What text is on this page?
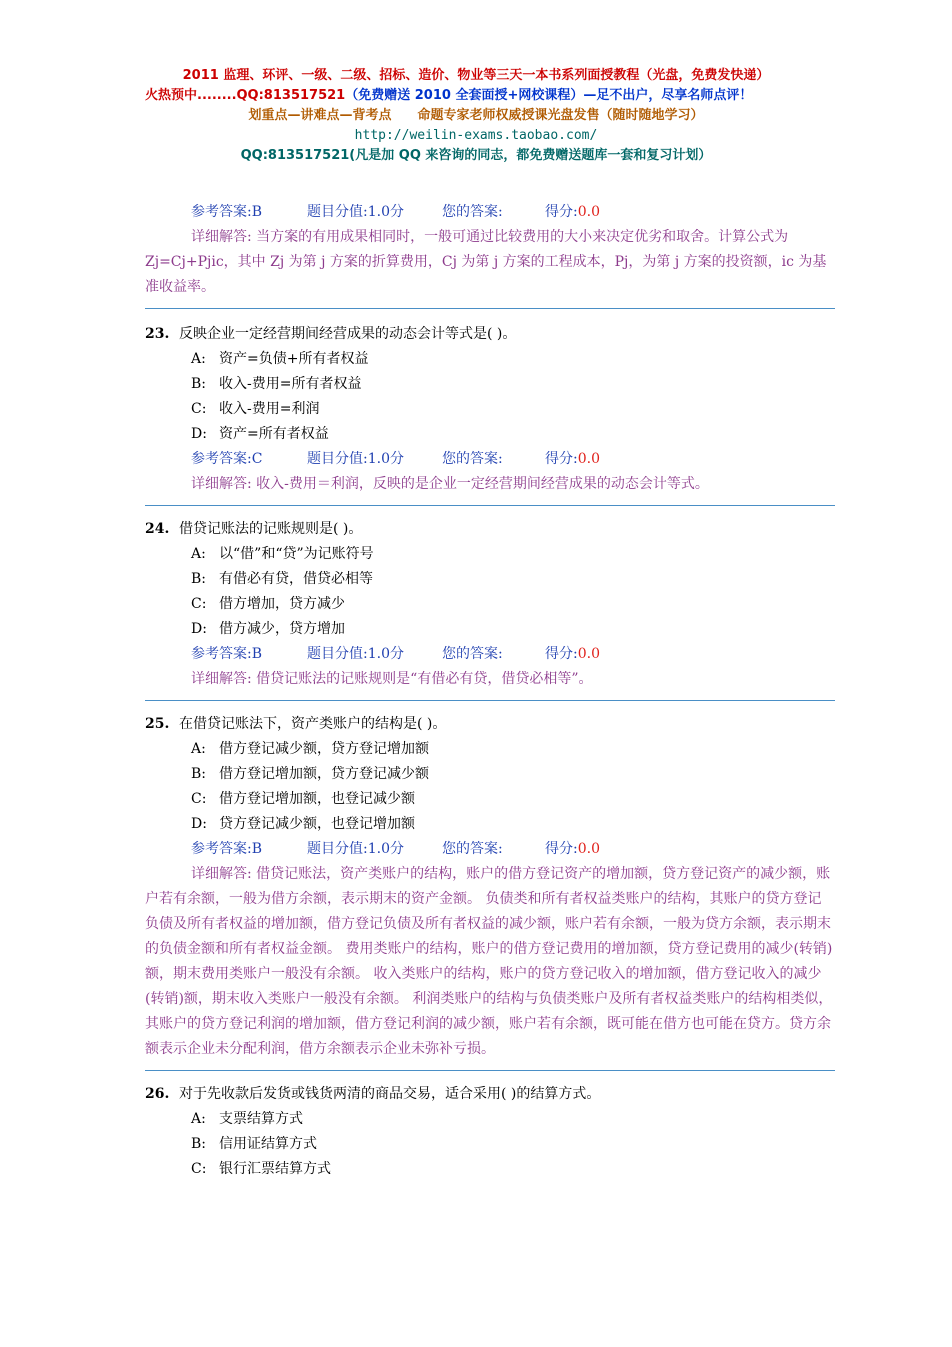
2011 监理、环评、一级、二级、招标、造价、物业等三天一本书系列面授教程（光盘，免费发快递）
火热预中........QQ:813517521（免费赠送 2010 全套面授+网校课程）—足不出户，尽享名师点评！
划重点—讲难点—背考点 命题专家老师权威授课光盘发售（随时随地学习）
http://weilin-exams.taobao.com/
QQ:813517521(凡是加 QQ 来咨询的同志，都免费赠送题库一套和复习计划）
参考答案:B	题目分值:1.0分	您的答案:	得分:0.0
详细解答: 当方案的有用成果相同时，一般可通过比较费用的大小来决定优劣和取舍。计算公式为 Zj=Cj+Pjic，其中 Zj 为第 j 方案的折算费用，Cj 为第 j 方案的工程成本，Pj，为第 j 方案的投资额，ic 为基准收益率。
23. 反映企业一定经营期间经营成果的动态会计等式是( )。
A: 资产=负债+所有者权益
B: 收入-费用=所有者权益
C: 收入-费用=利润
D: 资产=所有者权益
参考答案:C	题目分值:1.0分	您的答案:	得分:0.0
详细解答: 收入-费用＝利润，反映的是企业一定经营期间经营成果的动态会计等式。
24. 借贷记账法的记账规则是( )。
A: 以“借”和“贷”为记账符号
B: 有借必有贷，借贷必相等
C: 借方增加，贷方减少
D: 借方减少，贷方增加
参考答案:B	题目分值:1.0分	您的答案:	得分:0.0
详细解答: 借贷记账法的记账规则是“有借必有贷，借贷必相等”。
25. 在借贷记账法下，资产类账户的结构是( )。
A: 借方登记减少额，贷方登记增加额
B: 借方登记增加额，贷方登记减少额
C: 借方登记增加额，也登记减少额
D: 贷方登记减少额，也登记增加额
参考答案:B	题目分值:1.0分	您的答案:	得分:0.0
详细解答: 借贷记账法，资产类账户的结构，账户的借方登记资产的增加额，贷方登记资产的减少额，账户若有余额，一般为借方余额，表示期末的资产金额。 负债类和所有者权益类账户的结构，其账户的贷方登记负债及所有者权益的增加额，借方登记负债及所有者权益的减少额，账户若有余额，一般为贷方余额，表示期末的负债金额和所有者权益金额。 费用类账户的结构，账户的借方登记费用的增加额，贷方登记费用的减少(转销)额，期末费用类账户一般没有余额。 收入类账户的结构，账户的贷方登记收入的增加额，借方登记收入的减少(转销)额，期末收入类账户一般没有余额。 利润类账户的结构与负债类账户及所有者权益类账户的结构相类似，其账户的贷方登记利润的增加额，借方登记利润的减少额，账户若有余额，既可能在借方也可能在贷方。贷方余额表示企业未分配利润，借方余额表示企业未弥补亏损。
26. 对于先收款后发货或钱货两清的商品交易，适合采用( )的结算方式。
A: 支票结算方式
B: 信用证结算方式
C: 银行汇票结算方式
